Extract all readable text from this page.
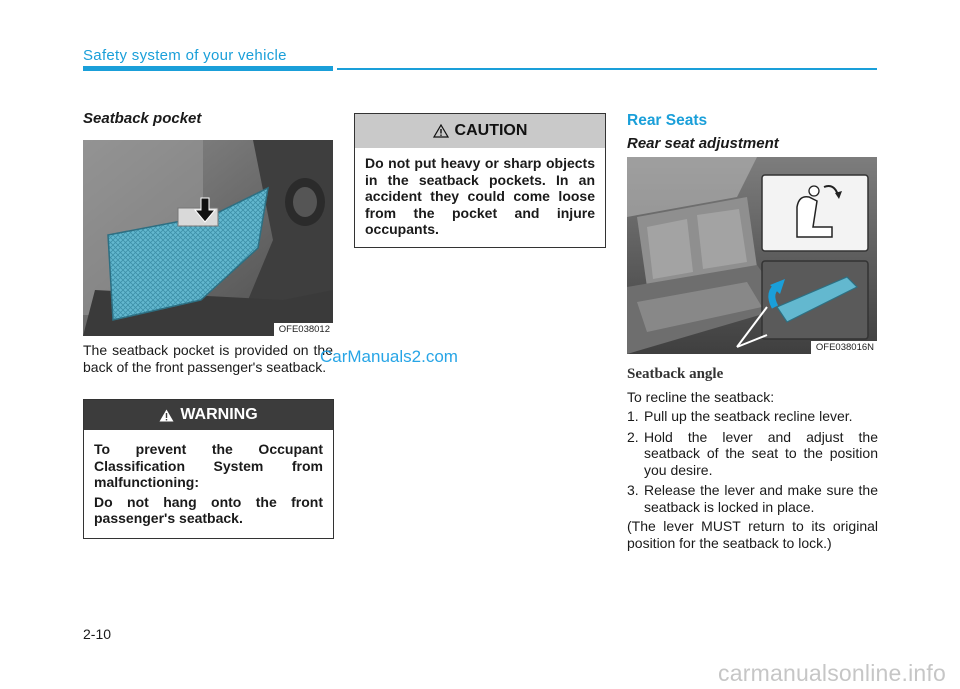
Safety system of your vehicle
Seatback pocket
OFE038012
The seatback pocket is provided on the back of the front passenger's seatback.
WARNING

To prevent the Occupant Classification System from malfunctioning:

Do not hang onto the front passenger's seatback.

CAUTION

Do not put heavy or sharp objects in the seatback pockets. In an accident they could come loose from the pocket and injure occupants.

Rear Seats
Rear seat adjustment
OFE038016N
Seatback angle
To recline the seatback:
1. Pull up the seatback recline lever.
2. Hold the lever and adjust the seatback of the seat to the position you desire.
3. Release the lever and make sure the seatback is locked in place.
(The lever MUST return to its original position for the seatback to lock.)
CarManuals2.com
2-10
carmanualsonline.info
